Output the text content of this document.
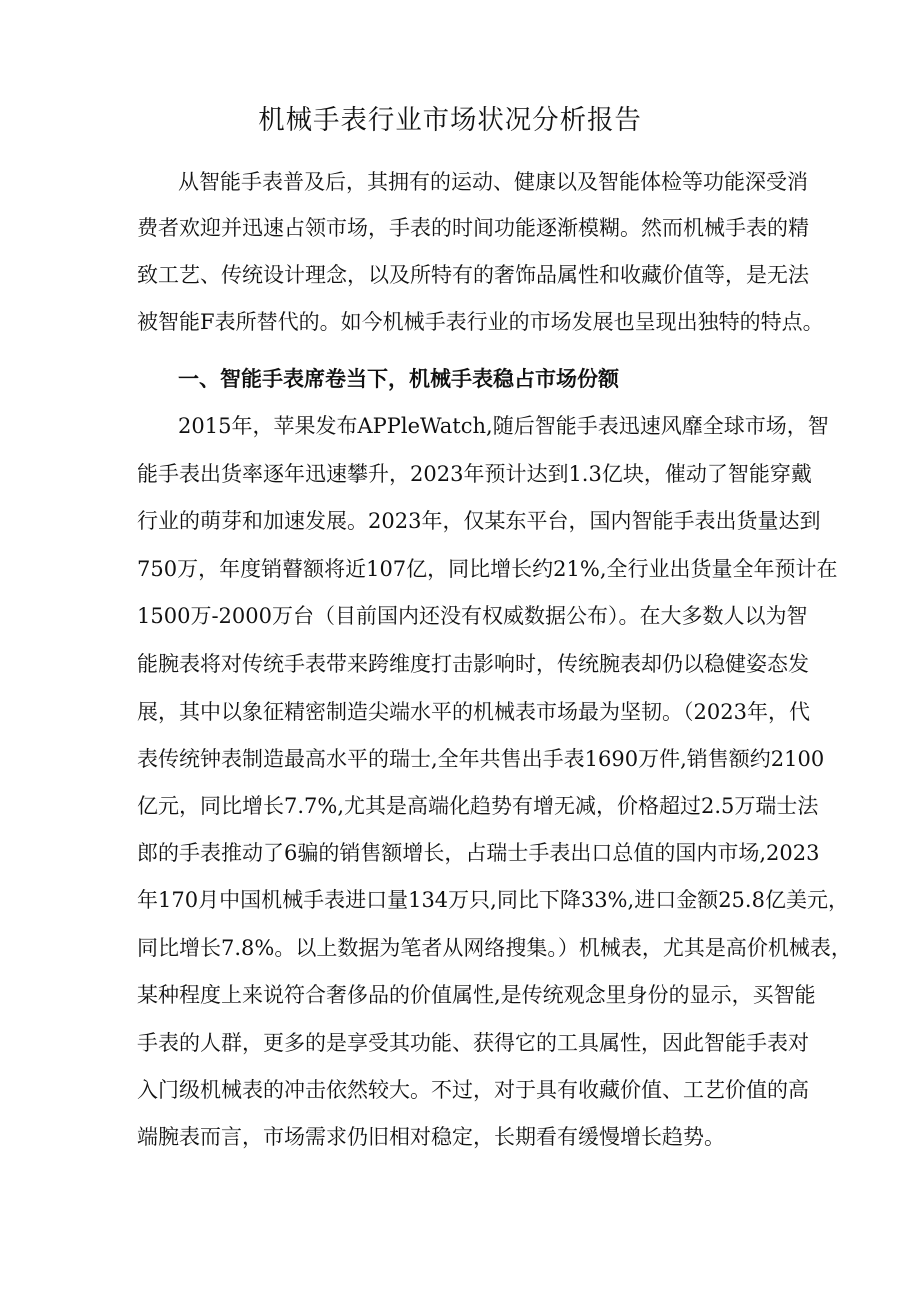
机械手表行业市场状况分析报告

从智能手表普及后，其拥有的运动、健康以及智能体检等功能深受消

费者欢迎并迅速占领市场，手表的时间功能逐渐模糊。然而机械手表的精

致工艺、传统设计理念，以及所特有的奢饰品属性和收藏价值等，是无法

被智能F表所替代的。如今机械手表行业的市场发展也呈现出独特的特点。

一、智能手表席卷当下，机械手表稳占市场份额

2015年，苹果发布APPleWatch,随后智能手表迅速风靡全球市场，智

能手表出货率逐年迅速攀升，2023年预计达到1.3亿块，催动了智能穿戴

行业的萌芽和加速发展。2023年，仅某东平台，国内智能手表出货量达到

750万，年度销瞽额将近107亿，同比增长约21%,全行业出货量全年预计在

1500万-2000万台（目前国内还没有权威数据公布）。在大多数人以为智

能腕表将对传统手表带来跨维度打击影响时，传统腕表却仍以稳健姿态发

展，其中以象征精密制造尖端水平的机械表市场最为坚韧。（2023年，代

表传统钟表制造最高水平的瑞士,全年共售出手表1690万件,销售额约2100

亿元，同比增长7.7%,尤其是高端化趋势有增无减，价格超过2.5万瑞士法

郎的手表推动了6骗的销售额增长，占瑞士手表出口总值的国内市场,2023

年170月中国机械手表进口量134万只,同比下降33%,进口金额25.8亿美元，

同比增长7.8%。以上数据为笔者从网络搜集。）机械表，尤其是高价机械表，

某种程度上来说符合奢侈品的价值属性,是传统观念里身份的显示，买智能

手表的人群，更多的是享受其功能、获得它的工具属性，因此智能手表对

入门级机械表的冲击依然较大。不过，对于具有收藏价值、工艺价值的高

端腕表而言，市场需求仍旧相对稳定，长期看有缓慢增长趋势。
